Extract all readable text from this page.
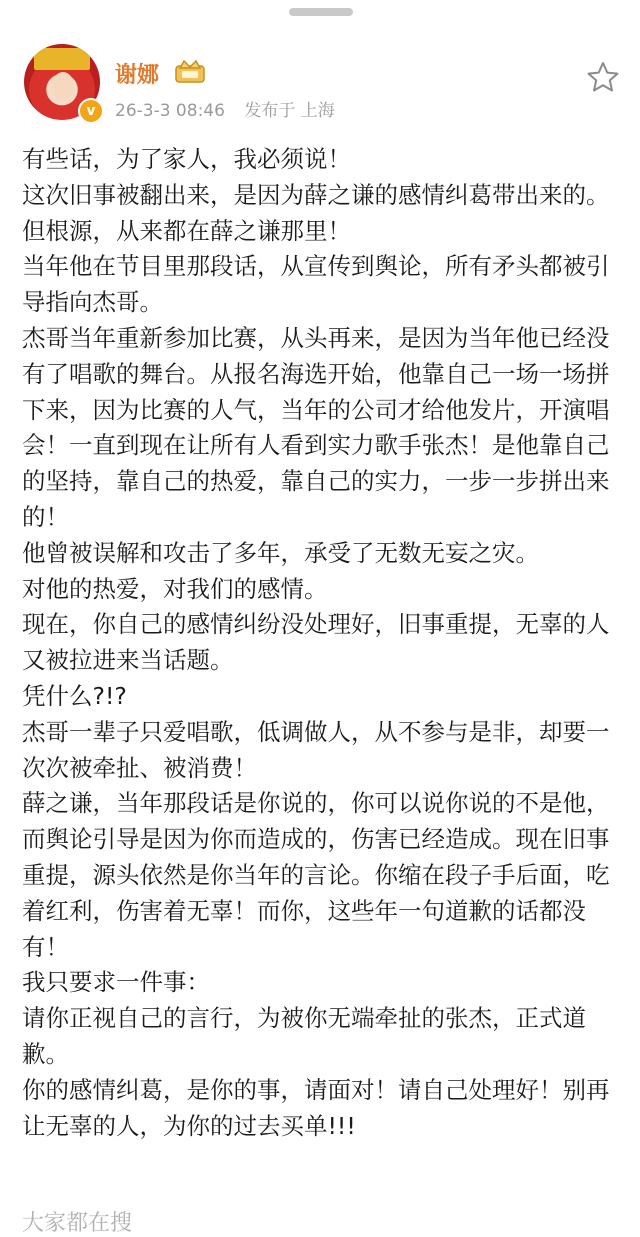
v
谢娜
26-3-3 08:46 发布于 上海

有些话，为了家人，我必须说！

这次旧事被翻出来，是因为薛之谦的感情纠葛带出来的。

但根源，从来都在薛之谦那里！

当年他在节目里那段话，从宣传到舆论，所有矛头都被引导指向杰哥。

杰哥当年重新参加比赛，从头再来，是因为当年他已经没有了唱歌的舞台。从报名海选开始，他靠自己一场一场拼下来，因为比赛的人气，当年的公司才给他发片，开演唱会！一直到现在让所有人看到实力歌手张杰！是他靠自己的坚持，靠自己的热爱，靠自己的实力，一步一步拼出来的！

他曾被误解和攻击了多年，承受了无数无妄之灾。

对他的热爱，对我们的感情。

现在，你自己的感情纠纷没处理好，旧事重提，无辜的人又被拉进来当话题。

凭什么?!?

杰哥一辈子只爱唱歌，低调做人，从不参与是非，却要一次次被牵扯、被消费！

薛之谦，当年那段话是你说的，你可以说你说的不是他，而舆论引导是因为你而造成的，伤害已经造成。现在旧事重提，源头依然是你当年的言论。你缩在段子手后面，吃着红利，伤害着无辜！而你，这些年一句道歉的话都没有！

我只要求一件事：

请你正视自己的言行，为被你无端牵扯的张杰，正式道歉。

你的感情纠葛，是你的事，请面对！请自己处理好！别再让无辜的人，为你的过去买单!!!

大家都在搜
